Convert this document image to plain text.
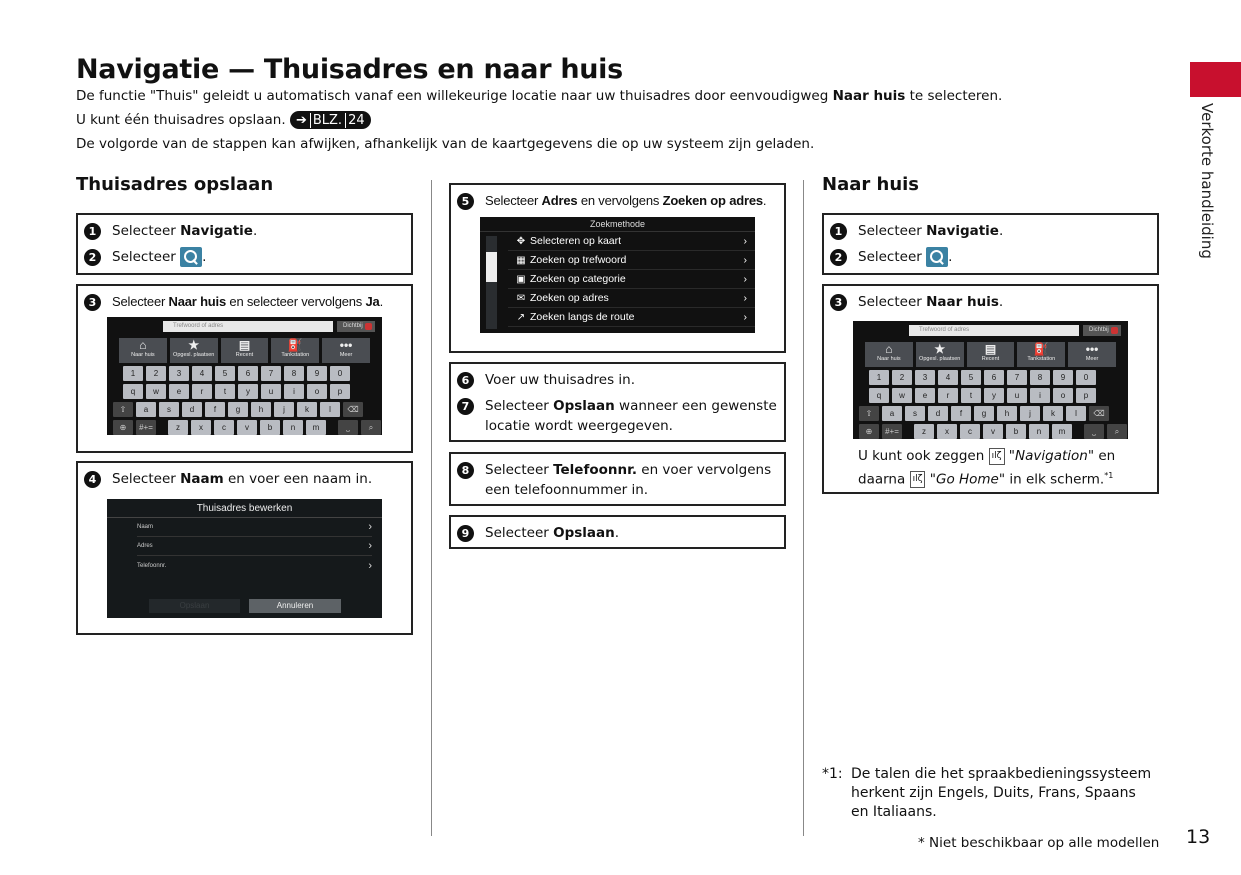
Navigatie — Thuisadres en naar huis
De functie "Thuis" geleidt u automatisch vanaf een willekeurige locatie naar uw thuisadres door eenvoudigweg Naar huis te selecteren.
U kunt één thuisadres opslaan. ➔ BLZ. 24
De volgorde van de stappen kan afwijken, afhankelijk van de kaartgegevens die op uw systeem zijn geladen.	Verkorte handleiding
Thuisadres opslaan
1	Selecteer Navigatie.
2	Selecteer .
3	Selecteer Naar huis en selecteer vervolgens Ja.
Trefwoord of adres	Dichtbij
⌂
Naar huis
★
Opgesl. plaatsen
▤
Recent
⛽
Tankstation
•••
Meer
1	2	3	4	5	6	7	8	9	0
q	w	e	r	t	y	u	i	o	p
⇧	a	s	d	f	g	h	j	k	l	⌫
⊕	#+=	z	x	c	v	b	n	m	⎵	⌕
4	Selecteer Naam en voer een naam in.
Thuisadres bewerken
Naam	›
Adres	›
Telefoonnr.	›
Opslaan	Annuleren
5	Selecteer Adres en vervolgens Zoeken op adres.
Zoekmethode
✥ Selecteren op kaart	›
▦ Zoeken op trefwoord	›
▣ Zoeken op categorie	›
✉ Zoeken op adres	›
↗ Zoeken langs de route	›
6	Voer uw thuisadres in.
7	Selecteer Opslaan wanneer een gewenste locatie wordt weergegeven.
8	Selecteer Telefoonnr. en voer vervolgens een telefoonnummer in.
9	Selecteer Opslaan.
Naar huis
1	Selecteer Navigatie.
2	Selecteer .
3	Selecteer Naar huis.
U kunt ook zeggen ılζ "Navigation" en daarna ılζ "Go Home" in elk scherm.$^{*1}$
Trefwoord of adres	Dichtbij
⌂
Naar huis
★
Opgesl. plaatsen
▤
Recent
⛽
Tankstation
•••
Meer
1	2	3	4	5	6	7	8	9	0
q	w	e	r	t	y	u	i	o	p
⇧	a	s	d	f	g	h	j	k	l	⌫
⊕	#+=	z	x	c	v	b	n	m	⎵	⌕
*1: De talen die het spraakbedieningssysteem herkent zijn Engels, Duits, Frans, Spaans en Italiaans.
* Niet beschikbaar op alle modellen 13
